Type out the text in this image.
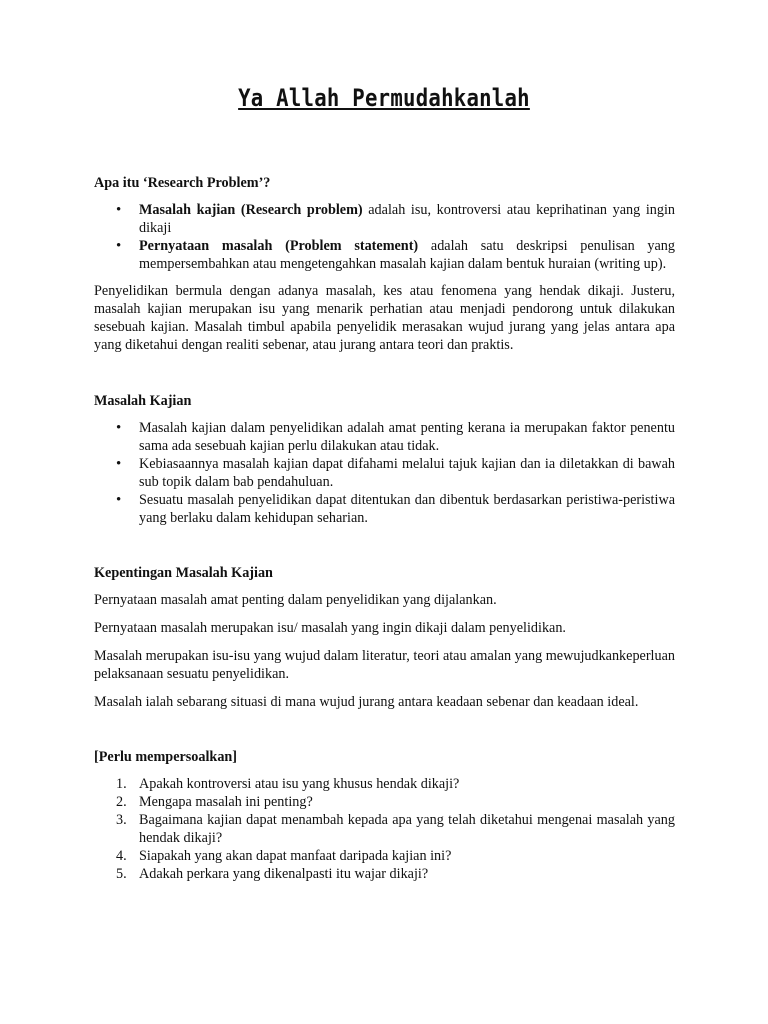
Ya Allah Permudahkanlah

Apa itu ‘Research Problem’?

• Masalah kajian (Research problem) adalah isu, kontroversi atau keprihatinan yang ingin dikaji
• Pernyataan masalah (Problem statement) adalah satu deskripsi penulisan yang mempersembahkan atau mengetengahkan masalah kajian dalam bentuk huraian (writing up).

Penyelidikan bermula dengan adanya masalah, kes atau fenomena yang hendak dikaji. Justeru, masalah kajian merupakan isu yang menarik perhatian atau menjadi pendorong untuk dilakukan sesebuah kajian. Masalah timbul apabila penyelidik merasakan wujud jurang yang jelas antara apa yang diketahui dengan realiti sebenar, atau jurang antara teori dan praktis.

Masalah Kajian

• Masalah kajian dalam penyelidikan adalah amat penting kerana ia merupakan faktor penentu sama ada sesebuah kajian perlu dilakukan atau tidak.
• Kebiasaannya masalah kajian dapat difahami melalui tajuk kajian dan ia diletakkan di bawah sub topik dalam bab pendahuluan.
• Sesuatu masalah penyelidikan dapat ditentukan dan dibentuk berdasarkan peristiwa-peristiwa yang berlaku dalam kehidupan seharian.

Kepentingan Masalah Kajian

Pernyataan masalah amat penting dalam penyelidikan yang dijalankan.

Pernyataan masalah merupakan isu/ masalah yang ingin dikaji dalam penyelidikan.

Masalah merupakan isu-isu yang wujud dalam literatur, teori atau amalan yang mewujudkankeperluan pelaksanaan sesuatu penyelidikan.

Masalah ialah sebarang situasi di mana wujud jurang antara keadaan sebenar dan keadaan ideal.

[Perlu mempersoalkan]

1. Apakah kontroversi atau isu yang khusus hendak dikaji?
2. Mengapa masalah ini penting?
3. Bagaimana kajian dapat menambah kepada apa yang telah diketahui mengenai masalah yang hendak dikaji?
4. Siapakah yang akan dapat manfaat daripada kajian ini?
5. Adakah perkara yang dikenalpasti itu wajar dikaji?
